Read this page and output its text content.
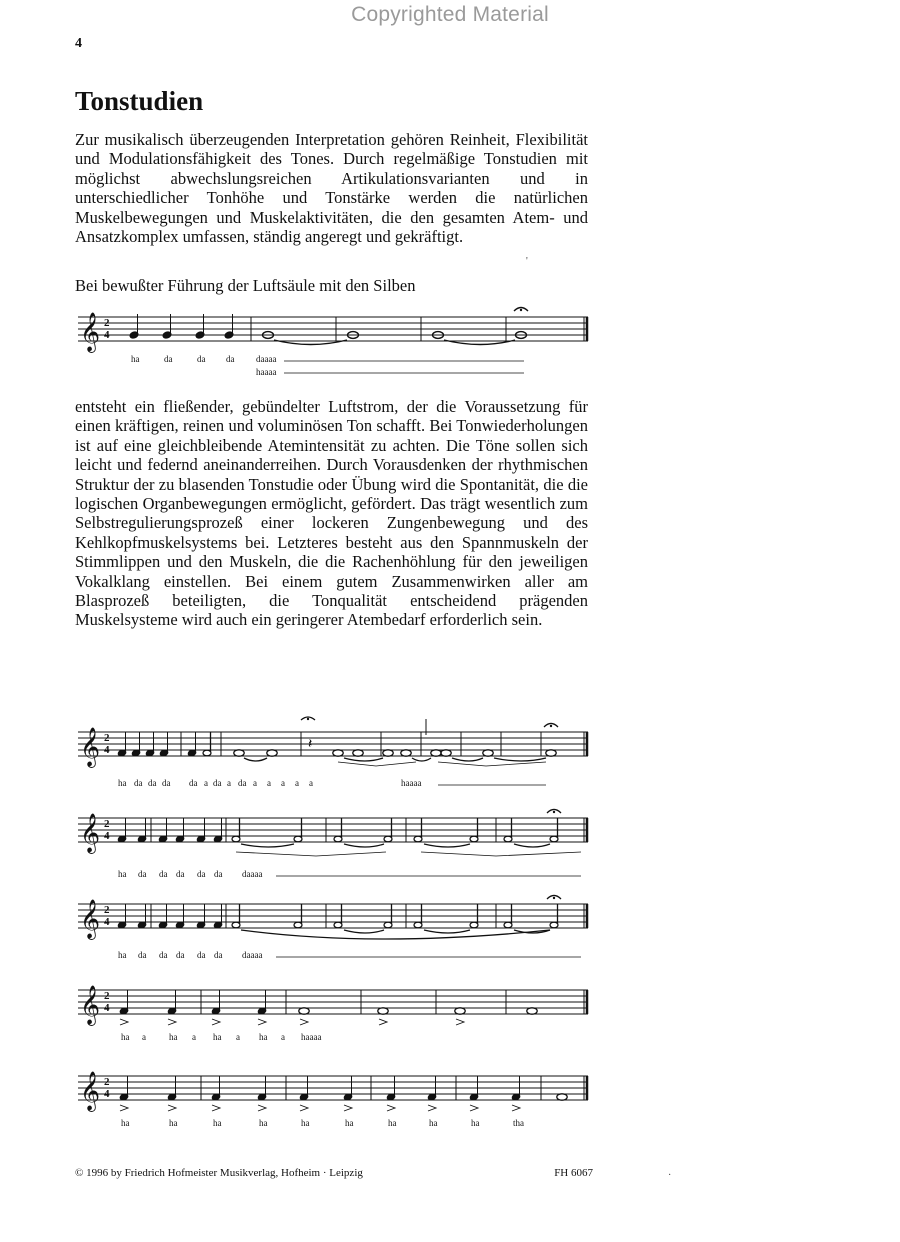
Copyrighted Material
4
Tonstudien

Zur musikalisch überzeugenden Interpretation gehören Reinheit, Flexibilität und Modulationsfähigkeit des Tones. Durch regelmäßige Tonstudien mit möglichst abwechslungsreichen Artikulationsvarianten und in unterschiedlicher Tonhöhe und Tonstärke werden die natürlichen Muskelbewegungen und Muskelaktivitäten, die den gesamten Atem- und Ansatzkomplex umfassen, ständig angeregt und gekräftigt.

Bei bewußter Führung der Luftsäule mit den Silben

𝄞 2
4
ha	da	da da daaaa
haaaa

entsteht ein fließender, gebündelter Luftstrom, der die Voraussetzung für einen kräftigen, reinen und voluminösen Ton schafft. Bei Tonwiederholungen ist auf eine gleichbleibende Atemintensität zu achten. Die Töne sollen sich leicht und federnd aneinanderreihen. Durch Vorausdenken der rhythmischen Struktur der zu blasenden Tonstudie oder Übung wird die Spontanität, die die logischen Organbewegungen ermöglicht, gefördert. Das trägt wesentlich zum Selbstregulierungsprozeß einer lockeren Zungenbewegung und des Kehlkopfmuskelsystems bei. Letzteres besteht aus den Spannmuskeln der Stimmlippen und den Muskeln, die die Rachenhöhlung für den jeweiligen Vokalklang einstellen. Bei einem gutem Zusammenwirken aller am Blasprozeß beteiligten, die Tonqualität entscheidend prägenden Muskelsysteme wird auch ein geringerer Atembedarf erforderlich sein.

𝄞 2
4	𝄽
ha da da da da a da a da a a a a a	haaaa
𝄞 2
4
ha da da da da da daaaa
𝄞 2
4
ha da da da da da daaaa
𝄞 2
4
ha a	ha a ha a ha a haaaa
𝄞 2
4
ha	ha	ha	ha	ha	ha	ha	ha	ha	tha
© 1996 by Friedrich Hofmeister Musikverlag, Hofheim · Leipzig	FH 6067
'
·
